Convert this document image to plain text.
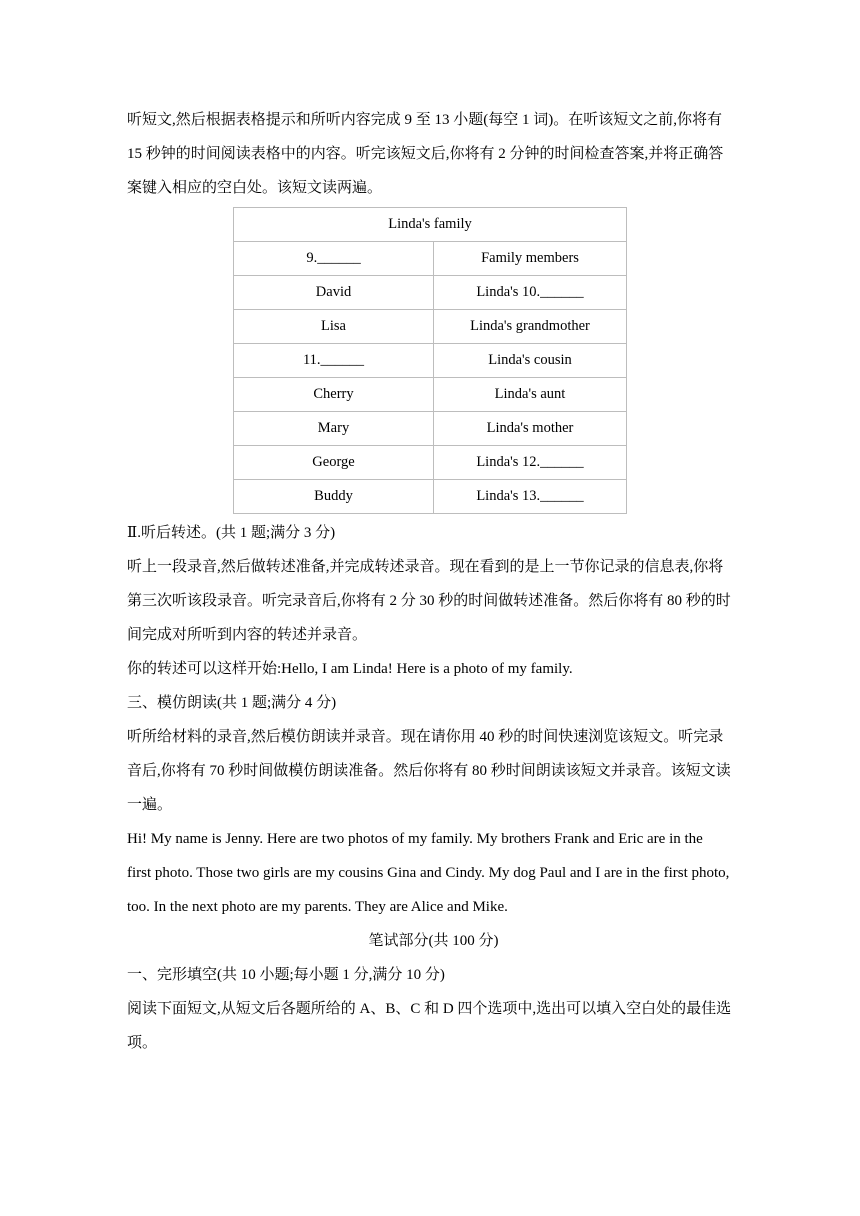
听短文,然后根据表格提示和所听内容完成 9 至 13 小题(每空 1 词)。在听该短文之前,你将有

15 秒钟的时间阅读表格中的内容。听完该短文后,你将有 2 分钟的时间检查答案,并将正确答

案键入相应的空白处。该短文读两遍。

Linda's family	
9.______	Family members
David	Linda's 10.______
Lisa	Linda's grandmother
11.______	Linda's cousin
Cherry	Linda's aunt
Mary	Linda's mother
George	Linda's 12.______
Buddy	Linda's 13.______

Ⅱ.听后转述。(共 1 题;满分 3 分)

听上一段录音,然后做转述准备,并完成转述录音。现在看到的是上一节你记录的信息表,你将

第三次听该段录音。听完录音后,你将有 2 分 30 秒的时间做转述准备。然后你将有 80 秒的时

间完成对所听到内容的转述并录音。

你的转述可以这样开始:Hello, I am Linda! Here is a photo of my family.

三、模仿朗读(共 1 题;满分 4 分)

听所给材料的录音,然后模仿朗读并录音。现在请你用 40 秒的时间快速浏览该短文。听完录

音后,你将有 70 秒时间做模仿朗读准备。然后你将有 80 秒时间朗读该短文并录音。该短文读

一遍。

Hi! My name is Jenny. Here are two photos of my family. My brothers Frank and Eric are in the

first photo. Those two girls are my cousins Gina and Cindy. My dog Paul and I are in the first photo,

too. In the next photo are my parents. They are Alice and Mike.

笔试部分(共 100 分)

一、完形填空(共 10 小题;每小题 1 分,满分 10 分)

阅读下面短文,从短文后各题所给的 A、B、C 和 D 四个选项中,选出可以填入空白处的最佳选

项。
